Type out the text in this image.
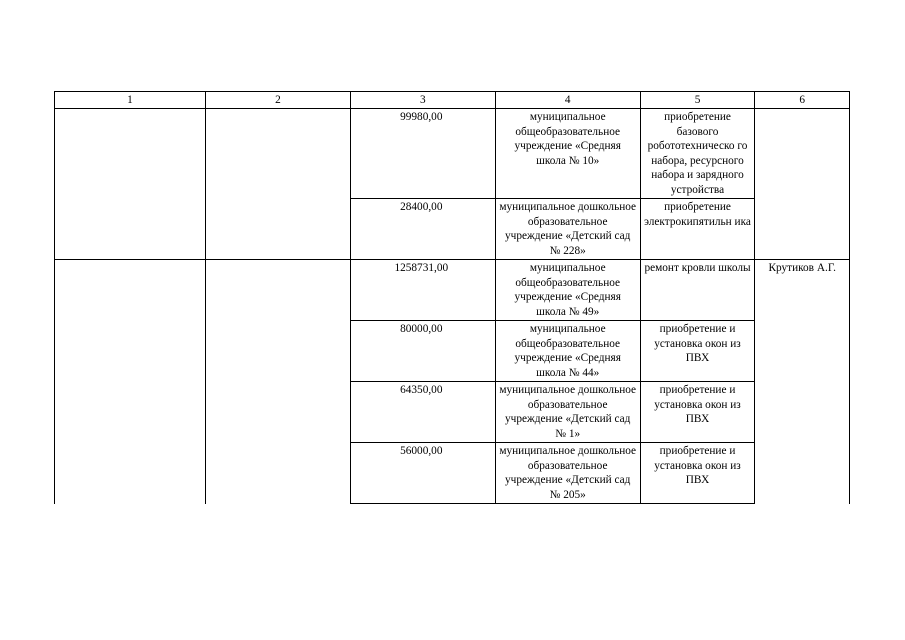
1	2	3	4	5	6
		99980,00	муниципальное общеобразовательное учреждение «Средняя школа № 10»	приобретение базового робототехническо го набора, ресурсного набора и зарядного устройства	
		28400,00	муниципальное дошкольное образовательное учреждение «Детский сад № 228»	приобретение электрокипятильн ика	
		1258731,00	муниципальное общеобразовательное учреждение «Средняя школа № 49»	ремонт кровли школы	Крутиков А.Г.
		80000,00	муниципальное общеобразовательное учреждение «Средняя школа № 44»	приобретение и установка окон из ПВХ	
		64350,00	муниципальное дошкольное образовательное учреждение «Детский сад № 1»	приобретение и установка окон из ПВХ	
		56000,00	муниципальное дошкольное образовательное учреждение «Детский сад № 205»	приобретение и установка окон из ПВХ	
